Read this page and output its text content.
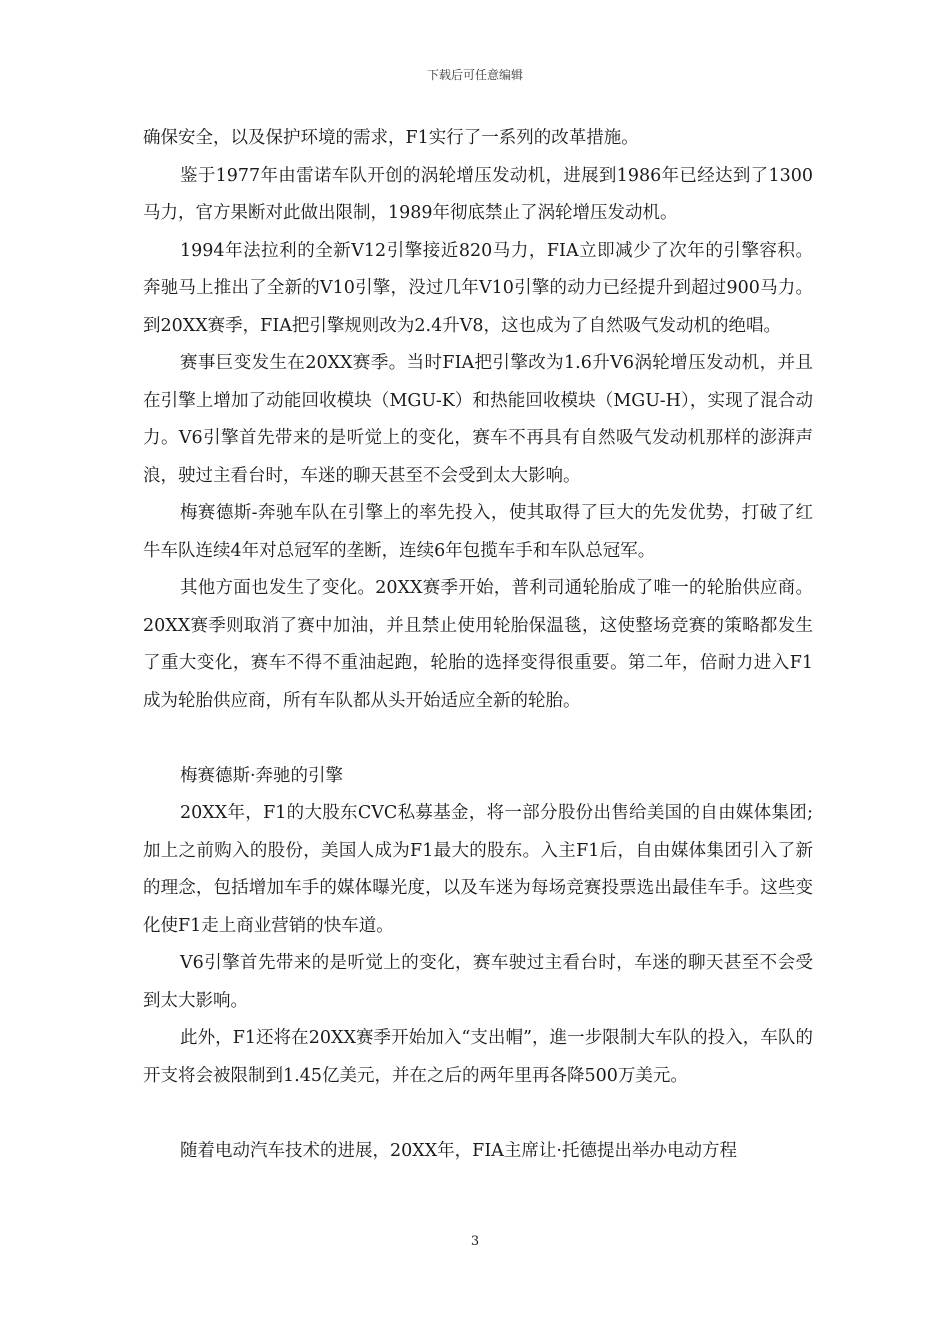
下载后可任意编辑

确保安全，以及保护环境的需求，F1实行了一系列的改革措施。

鉴于1977年由雷诺车队开创的涡轮增压发动机，进展到1986年已经达到了1300马力，官方果断对此做出限制，1989年彻底禁止了涡轮增压发动机。

1994年法拉利的全新V12引擎接近820马力，FIA立即减少了次年的引擎容积。奔驰马上推出了全新的V10引擎，没过几年V10引擎的动力已经提升到超过900马力。到20XX赛季，FIA把引擎规则改为2.4升V8，这也成为了自然吸气发动机的绝唱。

赛事巨变发生在20XX赛季。当时FIA把引擎改为1.6升V6涡轮增压发动机，并且在引擎上增加了动能回收模块（MGU-K）和热能回收模块（MGU-H），实现了混合动力。V6引擎首先带来的是听觉上的变化，赛车不再具有自然吸气发动机那样的澎湃声浪，驶过主看台时，车迷的聊天甚至不会受到太大影响。

梅赛德斯-奔驰车队在引擎上的率先投入，使其取得了巨大的先发优势，打破了红牛车队连续4年对总冠军的垄断，连续6年包揽车手和车队总冠军。

其他方面也发生了变化。20XX赛季开始，普利司通轮胎成了唯一的轮胎供应商。20XX赛季则取消了赛中加油，并且禁止使用轮胎保温毯，这使整场竞赛的策略都发生了重大变化，赛车不得不重油起跑，轮胎的选择变得很重要。第二年，倍耐力进入F1成为轮胎供应商，所有车队都从头开始适应全新的轮胎。

梅赛德斯·奔驰的引擎

20XX年，F1的大股东CVC私募基金，将一部分股份出售给美国的自由媒体集团;加上之前购入的股份，美国人成为F1最大的股东。入主F1后，自由媒体集团引入了新的理念，包括增加车手的媒体曝光度，以及车迷为每场竞赛投票选出最佳车手。这些变化使F1走上商业营销的快车道。

V6引擎首先带来的是听觉上的变化，赛车驶过主看台时，车迷的聊天甚至不会受到太大影响。

此外，F1还将在20XX赛季开始加入“支出帽”，進一步限制大车队的投入，车队的开支将会被限制到1.45亿美元，并在之后的两年里再各降500万美元。

随着电动汽车技术的进展，20XX年，FIA主席让·托德提出举办电动方程

3
